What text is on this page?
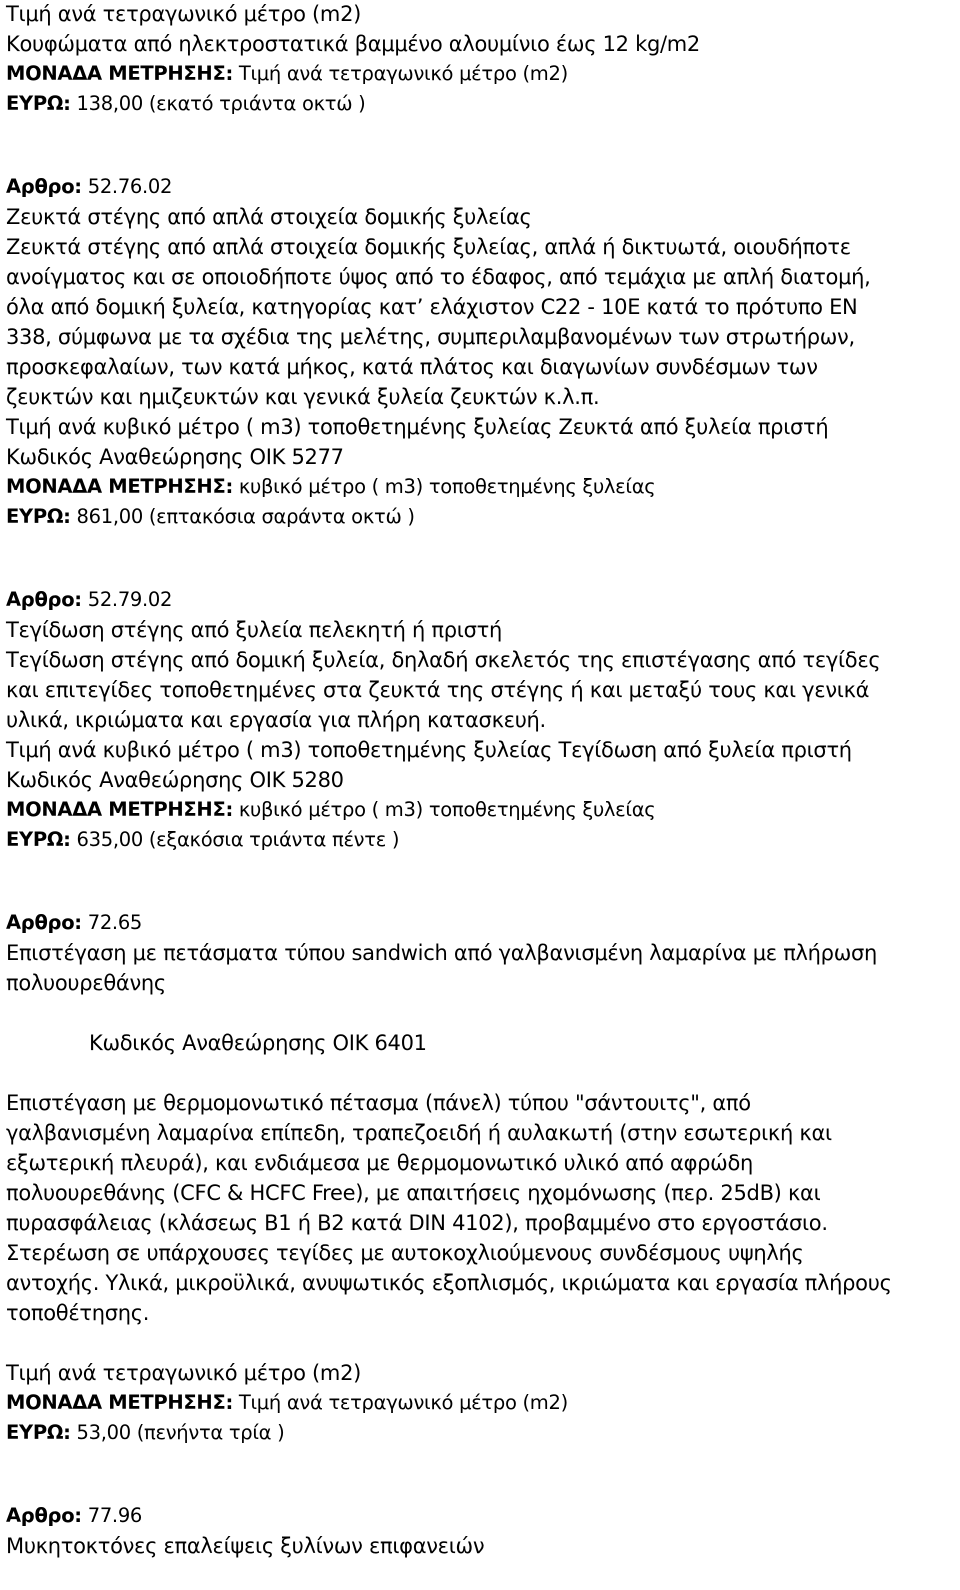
Τιμή ανά τετραγωνικό μέτρο (m2)
Κουφώματα από ηλεκτροστατικά βαμμένο αλουμίνιο έως 12 kg/m2
ΜΟΝΑΔΑ ΜΕΤΡΗΣΗΣ: Τιμή ανά τετραγωνικό μέτρο (m2)
ΕΥΡΩ: 138,00 (εκατό τριάντα οκτώ )
Αρθρο: 52.76.02
Ζευκτά στέγης από απλά στοιχεία δομικής ξυλείας
Ζευκτά στέγης από απλά στοιχεία δομικής ξυλείας, απλά ή δικτυωτά, οιουδήποτε
ανοίγματος και σε οποιοδήποτε ύψος από το έδαφος, από τεμάχια με απλή διατομή,
όλα από δομική ξυλεία, κατηγορίας κατ’ ελάχιστον C22 - 10E κατά το πρότυπο EN
338, σύμφωνα με τα σχέδια της μελέτης, συμπεριλαμβανομένων των στρωτήρων,
προσκεφαλαίων, των κατά μήκος, κατά πλάτος και διαγωνίων συνδέσμων των
ζευκτών και ημιζευκτών και γενικά ξυλεία ζευκτών κ.λ.π.
Τιμή ανά κυβικό μέτρο ( m3) τοποθετημένης ξυλείας Ζευκτά από ξυλεία πριστή
Κωδικός Αναθεώρησης ΟΙΚ 5277
ΜΟΝΑΔΑ ΜΕΤΡΗΣΗΣ: κυβικό μέτρο ( m3) τοποθετημένης ξυλείας
ΕΥΡΩ: 861,00 (επτακόσια σαράντα οκτώ )
Αρθρο: 52.79.02
Τεγίδωση στέγης από ξυλεία πελεκητή ή πριστή
Τεγίδωση στέγης από δομική ξυλεία, δηλαδή σκελετός της επιστέγασης από τεγίδες
και επιτεγίδες τοποθετημένες στα ζευκτά της στέγης ή και μεταξύ τους και γενικά
υλικά, ικριώματα και εργασία για πλήρη κατασκευή.
Τιμή ανά κυβικό μέτρο ( m3) τοποθετημένης ξυλείας Τεγίδωση από ξυλεία πριστή
Κωδικός Αναθεώρησης ΟΙΚ 5280
ΜΟΝΑΔΑ ΜΕΤΡΗΣΗΣ: κυβικό μέτρο ( m3) τοποθετημένης ξυλείας
ΕΥΡΩ: 635,00 (εξακόσια τριάντα πέντε )
Αρθρο: 72.65
Επιστέγαση με πετάσματα τύπου sandwich από γαλβανισμένη λαμαρίνα με πλήρωση
πολυουρεθάνης
Κωδικός Αναθεώρησης ΟΙΚ 6401
Επιστέγαση με θερμομονωτικό πέτασμα (πάνελ) τύπου "σάντουιτς", από
γαλβανισμένη λαμαρίνα επίπεδη, τραπεζοειδή ή αυλακωτή (στην εσωτερική και
εξωτερική πλευρά), και ενδιάμεσα με θερμομονωτικό υλικό από αφρώδη
πολυουρεθάνης (CFC & HCFC Free), με απαιτήσεις ηχομόνωσης (περ. 25dB) και
πυρασφάλειας (κλάσεως Β1 ή Β2 κατά DIN 4102), προβαμμένο στο εργοστάσιο.
Στερέωση σε υπάρχουσες τεγίδες με αυτοκοχλιούμενους συνδέσμους υψηλής
αντοχής. Υλικά, μικροϋλικά, ανυψωτικός εξοπλισμός, ικριώματα και εργασία πλήρους
τοποθέτησης.
Τιμή ανά τετραγωνικό μέτρο (m2)
ΜΟΝΑΔΑ ΜΕΤΡΗΣΗΣ: Τιμή ανά τετραγωνικό μέτρο (m2)
ΕΥΡΩ: 53,00 (πενήντα τρία )
Αρθρο: 77.96
Μυκητοκτόνες επαλείψεις ξυλίνων επιφανειών
